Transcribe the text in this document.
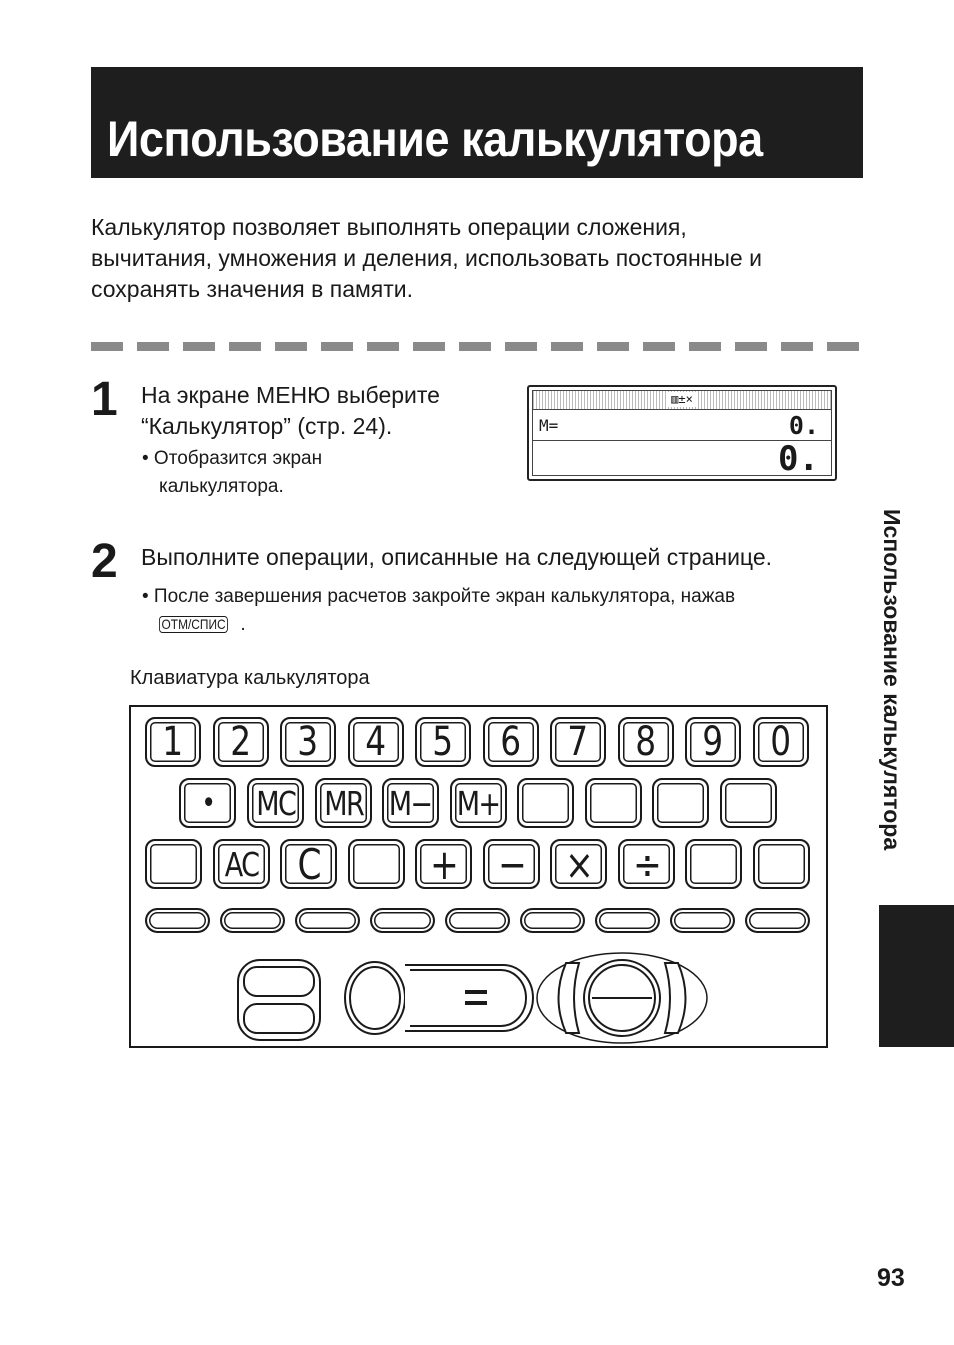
Использование калькулятора
Калькулятор позволяет выполнять операции сложения,
вычитания, умножения и деления, использовать постоянные и
сохранять значения в памяти.
1 На экране МЕНЮ выберите
“Калькулятор” (стр. 24).
• Отобразится экран
калькулятора.
▥±×
M=	0.
0.
2 Выполните операции, описанные на следующей странице.
• После завершения расчетов закройте экран калькулятора, нажав
ОТМ/СПИС .
Клавиатура калькулятора
1 2 3 4 5 6 7 8 9 0
• MC MR M− M+
AC C	+ − × ÷
Использование калькулятора
93
